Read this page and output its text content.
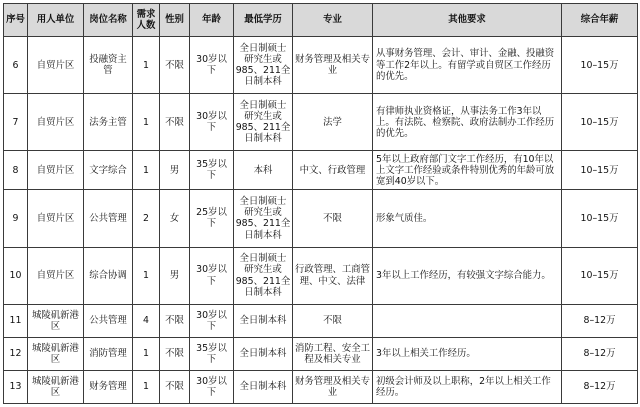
序号	用人单位	岗位名称	需求人数	性别	年龄	最低学历	专业	其他要求	综合年薪
6	自贸片区	投融资主管	1	不限	30岁以下	全日制硕士研究生或985、211全日制本科	财务管理及相关专业	从事财务管理、会计、审计、金融、投融资等工作2年以上。有留学或自贸区工作经历的优先。	10–15万
7	自贸片区	法务主管	1	不限	30岁以下	全日制硕士研究生或985、211全日制本科	法学	有律师执业资格证，从事法务工作3年以上。有法院、检察院、政府法制办工作经历的优先。	10–15万
8	自贸片区	文字综合	1	男	35岁以下	本科	中文、行政管理	5年以上政府部门文字工作经历，有10年以上文字工作经验或条件特别优秀的年龄可放宽到40岁以下。	10–15万
9	自贸片区	公共管理	2	女	25岁以下	全日制硕士研究生或985、211全日制本科	不限	形象气质佳。	10–15万
10	自贸片区	综合协调	1	男	30岁以下	全日制硕士研究生或985、211全日制本科	行政管理、工商管理、中文、法律	3年以上工作经历，有较强文字综合能力。	10–15万
11	城陵矶新港区	公共管理	4	不限	30岁以下	全日制本科	不限		8–12万
12	城陵矶新港区	消防管理	1	不限	35岁以下	全日制本科	消防工程、安全工程及相关专业	3年以上相关工作经历。	8–12万
13	城陵矶新港区	财务管理	1	不限	30岁以下	全日制本科	财务管理及相关专业	初级会计师及以上职称，2年以上相关工作经历。	8–12万
